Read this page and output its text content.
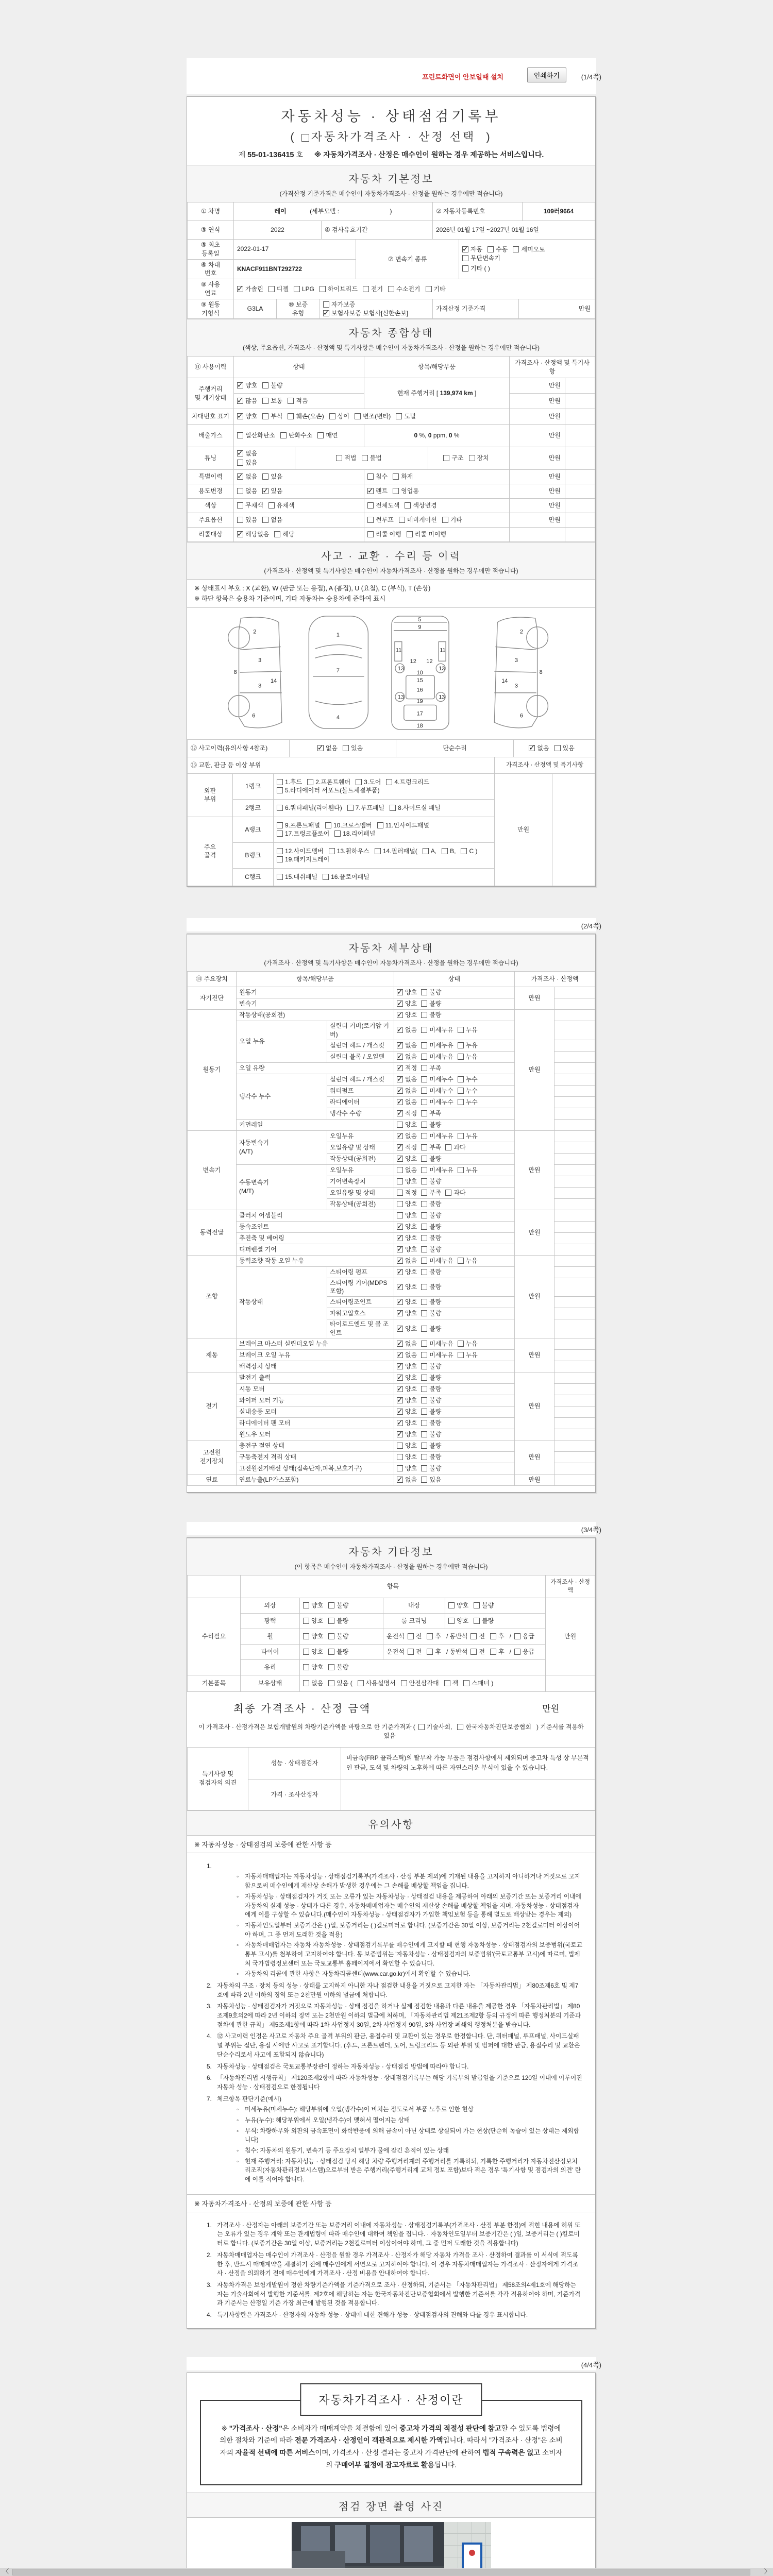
프린트화면이 안보일때 설치	인쇄하기	(1/4쪽)
자동차성능 · 상태점검기록부
( 자동차가격조사 · 산정 선택 )
제 55-01-136415 호 ※ 자동차가격조사 · 산정은 매수인이 원하는 경우 제공하는 서비스입니다.
자동차 기본정보
(가격산정 기준가격은 매수인이 자동차가격조사 · 산정을 원하는 경우에만 적습니다)
① 차명	레이	(세부모델 :	)	② 자동차등록번호	109러9664
③ 연식	2022	④ 검사유효기간	2026년 01월 17일 ~2027년 01월 16일
⑤ 최초
등록일	2022-01-17	⑦ 변속기 종류	
✓자동 수동 세미오토무단변속기
기타 ( )

⑥ 차대
번호	KNACF911BNT292722		
⑧ 사용
연료	✓가솔린 디젤 LPG 하이브리드 전기 수소전기 기타
⑨ 원동
기형식	G3LA	⑩ 보증
유형	자가보증✓보험사보증 보험사[신한손보]	가격산정 기준가격	만원
자동차 종합상태
(색상, 주요옵션, 가격조사 · 산정액 및 특기사항은 매수인이 자동차가격조사 · 산정을 원하는 경우에만 적습니다)
⑪ 사용이력	상태	항목/해당부품	가격조사 · 산정액 및 특기사항	
주행거리
및 계기상태	✓양호 불량	현재 주행거리 [ 139,974 km ]	만원	
✓많음 보통 적음		만원	
차대번호 표기	✓양호 부식 훼손(오손) 상이 변조(변타) 도말		만원	
배출가스	일산화탄소 탄화수소 매연	0 %, 0 ppm, 0 %	만원	
튜닝	
✓없음
있음
적법	불법	구조	장치	만원	
특별이력	✓없음 있음	침수 화재	만원	
용도변경	없음 ✓ 있음	✓렌트 영업용	만원	
색상	무채색 유채색	전체도색 색상변경	만원	
주요옵션	있음 없음	썬루프 네비게이션 기타	만원	
리콜대상	✓해당없음 해당	리콜 이행 리콜 미이행		
사고 · 교환 · 수리 등 이력
(가격조사 · 산정액 및 특기사항은 매수인이 자동차가격조사 · 산정을 원하는 경우에만 적습니다)
※ 상태표시 부호 : X (교환), W (판금 또는 용접), A (흠집), U (요철), C (부식), T (손상)
※ 하단 항목은 승용차 기준이며, 기타 자동차는 승용차에 준하여 표시
2
8
3
14
3
6
1
7
4
5
9
11	11
12 12
13	13
10
15
16
19
13	13
17
18
2
8
3
14
3
6
⑫ 사고이력(유의사항 4참조)	✓없음 있음	단순수리	✓없음 있음
⑬ 교환, 판금 등 이상 부위	가격조사 · 산정액 및 특기사항
외판
부위	1랭크	1.후드 2.프론트휀더 3.도어 4.트렁크리드5.라디에이터 서포트(볼트체결부품)	만원	
	2랭크	6.쿼터패널(리어휀다) 7.루프패널 8.사이드실 패널		
주요
골격	A랭크	9.프론트패널 10.크로스멤버 11.인사이드패널17.트렁크플로어 18.리어패널		
	B랭크	12.사이드멤버 13.휠하우스 14.필러패널( A, B, C )19.패키지트레이		
	C랭크	15.대쉬패널 16.플로어패널		
(2/4쪽)
자동차 세부상태
(가격조사 · 산정액 및 특기사항은 매수인이 자동차가격조사 · 산정을 원하는 경우에만 적습니다)
⑭ 주요장치	항목/해당부품		상태	가격조사 · 산정액	
자기진단	원동기	✓양호 불량	만원	
	변속기	✓양호 불량	
원동기	작동상태(공회전)	✓양호 불량	만원	
	오일 누유	실린더 커버(로커암 커버)	✓없음 미세누유 누유	
		실린더 헤드 / 개스킷	✓없음 미세누유 누유	
		실린더 블록 / 오일팬	✓없음 미세누유 누유	
	오일 유량	✓적정 부족	
	냉각수 누수	실린더 헤드 / 개스킷	✓없음 미세누수 누수	
		워터펌프	✓없음 미세누수 누수	
		라디에이터	✓없음 미세누수 누수	
		냉각수 수량	✓적정 부족	
	커먼레일		양호 불량		
변속기	자동변속기
(A/T)	오일누유	✓없음 미세누유 누유	만원	
		오일유량 및 상태	✓적정 부족 과다	
		작동상태(공회전)	✓양호 불량	
	수동변속기
(M/T)	오일누유	없음 미세누유 누유		
		기어변속장치	양호 불량		
		오일유량 및 상태	적정 부족 과다		
		작동상태(공회전)	양호 불량		
동력전달	클러치 어셈블리		양호 불량	만원	
	등속조인트	✓양호 불량	
	추진축 및 베어링	✓양호 불량	
	디퍼렌셜 기어	✓양호 불량	
조향	동력조향 작동 오일 누유	✓없음 미세누유 누유	만원	
	작동상태	스티어링 펌프	✓양호 불량	
		스티어링 기어(MDPS포함)	✓양호 불량	
		스티어링조인트	✓양호 불량	
		파워고압호스	✓양호 불량	
		타이로드엔드 및 볼 조인트	✓양호 불량	
제동	브레이크 마스터 실린더오일 누유	✓없음 미세누유 누유	만원	
	브레이크 오일 누유	✓없음 미세누유 누유	
	배력장치 상태	✓양호 불량	
전기	발전기 출력	✓양호 불량	만원	
	시동 모터	✓양호 불량	
	와이퍼 모터 기능	✓양호 불량	
	실내송풍 모터	✓양호 불량	
	라디에이터 팬 모터	✓양호 불량	
	윈도우 모터	✓양호 불량	
고전원
전기장치	충전구 절연 상태		양호 불량	만원	
	구동축전지 격리 상태		양호 불량		
	고전원전기배선 상태(접속단자,피복,보호기구)		양호 불량		
연료	연료누출(LP가스포함)	✓없음 있음	만원	
(3/4쪽)
자동차 기타정보
(이 항목은 매수인이 자동차가격조사 · 산정을 원하는 경우에만 적습니다)
	항목				가격조사 · 산정액
수리필요	외장	양호 불량	내장	양호 불량	만원
	광택	양호 불량	룸 크리닝	양호 불량	
	휠	양호 불량	운전석 전 후 / 동반석 전 후 / 응급		
	타이어	양호 불량	운전석 전 후 / 동반석 전 후 / 응급		
	유리	양호 불량			
기본품목	보유상태	없음 있음 ( 사용설명서 안전삼각대 잭 스패너 )			
최종 가격조사 · 산정 금액	만원
이 가격조사 · 산정가격은 보험개발원의 차량기준가액을 바탕으로 한 기준가격과 ( 기술사회, 한국자동차진단보증협회 ) 기준서를 적용하였음
특기사항 및
점검자의 의견	성능 · 상태점검자	비금속(FRP 플라스틱)의 탈부착 가능 부품은 점검사항에서 제외되며 중고차 특성 상 부분적인 판금, 도색 및 차량의 노후화에 따른 자연스러운 부식이 있을 수 있습니다.
	가격 · 조사산정자	
유의사항
※ 자동차성능 · 상태점검의 보증에 관한 사항 등
1.
◦	자동차매매업자는 자동차성능 · 상태점검기록부(가격조사 · 산정 부분 제외)에 기재된 내용을 고지하지 아니하거나 거짓으로 고지함으로써 매수인에게 재산상 손해가 발생한 경우에는 그 손해를 배상할 책임을 집니다.
◦	자동차성능 · 상태점검자가 거짓 또는 오류가 있는 자동차성능 · 상태점검 내용을 제공하여 아래의 보증기간 또는 보증거리 이내에 자동차의 실제 성능 · 상태가 다른 경우, 자동차매매업자는 매수인의 재산상 손해를 배상할 책임을 지며, 자동차성능 · 상태점검자에게 이를 구상할 수 있습니다.(매수인이 자동차성능 · 상태점검자가 가입한 책임보험 등을 통해 별도로 배상받는 경우는 제외)
◦	자동차인도일부터 보증기간은 ( )일, 보증거리는 ( )킬로미터로 합니다. (보증기간은 30일 이상, 보증거리는 2천킬로미터 이상이어야 하며, 그 중 먼저 도래한 것을 적용)
◦	자동차매매업자는 자동차 자동차성능 · 상태점검기록부를 매수인에게 고지할 때 현행 자동차성능 · 상태점검자의 보증범위(국토교통부 고시)를 첨부하여 고지하여야 합니다. 동 보증범위는 '자동차성능 · 상태점검자의 보증범위'(국토교통부 고시)에 따르며, 법제처 국가법령정보센터 또는 국토교통부 홈페이지에서 확인할 수 있습니다.
◦	자동차의 리콜에 관한 사항은 자동차리콜센터(www.car.go.kr)에서 확인할 수 있습니다.
2. 자동차의 구조 · 장치 등의 성능 · 상태를 고지하지 아니한 자나 점검한 내용을 거짓으로 고지한 자는 「자동차관리법」 제80조제6호 및 제7호에 따라 2년 이하의 징역 또는 2천만원 이하의 벌금에 처합니다.
3. 자동차성능 · 상태점검자가 거짓으로 자동차성능 · 상태 점검을 하거나 실제 점검한 내용과 다른 내용을 제공한 경우 「자동차관리법」 제80조제9호의2에 따라 2년 이하의 징역 또는 2천만원 이하의 벌금에 처하며, 「자동차관리법 제21조제2항 등의 규정에 따른 행정처분의 기준과 절차에 관한 규칙」 제5조제1항에 따라 1차 사업정지 30일, 2차 사업정지 90일, 3차 사업장 폐쇄의 행정처분을 받습니다.
4. ⑫ 사고이력 인정은 사고로 자동차 주요 골격 부위의 판금, 용접수리 및 교환이 있는 경우로 한정합니다. 단, 쿼터패널, 루프패널, 사이드실패널 부위는 절단, 용접 시에만 사고로 표기합니다. (후드, 프론트펜더, 도어, 트렁크리드 등 외판 부위 및 범퍼에 대한 판금, 용접수리 및 교환은 단순수리로서 사고에 포함되지 않습니다)
5. 자동차성능 · 상태점검은 국토교통부장관이 정하는 자동차성능 · 상태점검 방법에 따라야 합니다.
6. 「자동차관리법 시행규칙」 제120조제2항에 따라 자동차성능 · 상태점검기록부는 해당 기록부의 발급일을 기준으로 120일 이내에 이루어진 자동차 성능 · 상태점검으로 한정됩니다
7. 체크항목 판단기준(예시)
◦	미세누유(미세누수): 해당부위에 오일(냉각수)이 비치는 정도로서 부품 노후로 인한 현상
◦	누유(누수): 해당부위에서 오일(냉각수)이 맺혀서 떨어지는 상태
◦	부식: 차량하부와 외판의 금속표면이 화학반응에 의해 금속이 아닌 상태로 상실되어 가는 현상(단순히 녹슬어 있는 상태는 제외합니다)
◦	침수: 자동차의 원동기, 변속기 등 주요장치 일부가 물에 잠긴 흔적이 있는 상태
◦	현재 주행거리: 자동차성능 · 상태점검 당시 해당 차량 주행거리계의 주행거리를 기록하되, 기록한 주행거리가 자동차전산정보처리조직(자동차관리정보시스템)으로부터 받은 주행거리(주행거리계 교체 정보 포함)보다 적은 경우 '특기사항 및 점검자의 의견' 란에 이를 적어야 합니다.
※ 자동차가격조사 · 산정의 보증에 관한 사항 등
1. 가격조사 · 산정자는 아래의 보증기간 또는 보증거리 이내에 자동차성능 · 상태점검기록부(가격조사 · 산정 부분 한정)에 적힌 내용에 허위 또는 오류가 있는 경우 계약 또는 관계법령에 따라 매수인에 대하여 책임을 집니다. · 자동차인도일부터 보증기간은 ( )일, 보증거리는 ( )킬로미터로 합니다. (보증기간은 30일 이상, 보증거리는 2천킬로미터 이상이어야 하며, 그 중 먼저 도래한 것을 적용합니다)
2. 자동차매매업자는 매수인이 가격조사 · 산정을 원할 경우 가격조사 · 산정자가 해당 자동차 가격을 조사 · 산정하여 결과를 이 서식에 적도록 한 후, 반드시 매매계약을 체결하기 전에 매수인에게 서면으로 고지하여야 합니다. 이 경우 자동차매매업자는 가격조사 · 산정자에게 가격조사 · 산정을 의뢰하기 전에 매수인에게 가격조사 · 산정 비용을 안내하여야 합니다.
3. 자동차가격은 보험개발원이 정한 차량기준가액을 기준가격으로 조사 · 산정하되, 기준서는 「자동차관리법」 제58조의4제1호에 해당하는 자는 기술사회에서 발행한 기준서를, 제2호에 해당하는 자는 한국자동차진단보증협회에서 발행한 기준서를 각각 적용하여야 하며, 기준가격과 기준서는 산정일 기준 가장 최근에 발행된 것을 적용합니다.
4. 특기사항란은 가격조사 · 산정자의 자동차 성능 · 상태에 대한 견해가 성능 · 상태점검자의 견해와 다를 경우 표시합니다.
(4/4쪽)
자동차가격조사 · 산정이란
※ "가격조사 · 산정"은 소비자가 매매계약을 체결함에 있어 중고차 가격의 적절성 판단에 참고할 수 있도록 법령에 의한 절차와 기준에 따라 전문 가격조사 · 산정인이 객관적으로 제시한 가액입니다. 따라서 "가격조사 · 산정"은 소비자의 자율적 선택에 따른 서비스이며, 가격조사 · 산정 결과는 중고차 가격판단에 관하여 법적 구속력은 없고 소비자의 구매여부 결정에 참고자료로 활용됩니다.
점검 장면 촬영 사진
〈	〉
